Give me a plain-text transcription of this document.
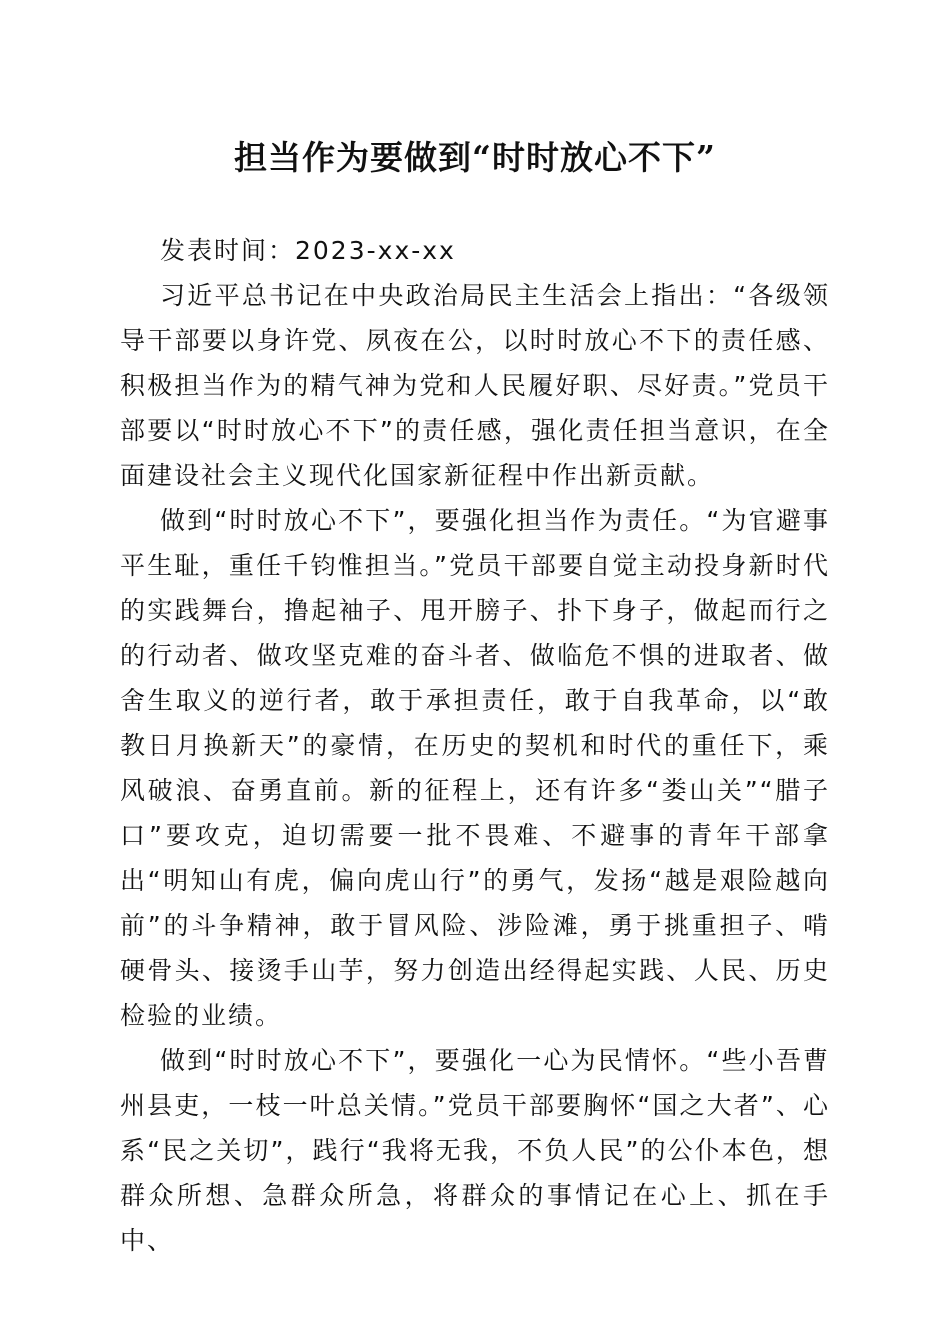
担当作为要做到“时时放心不下”

发表时间：2023-xx-xx

习近平总书记在中央政治局民主生活会上指出：“各级领导干部要以身许党、夙夜在公，以时时放心不下的责任感、积极担当作为的精气神为党和人民履好职、尽好责。”党员干部要以“时时放心不下”的责任感，强化责任担当意识，在全面建设社会主义现代化国家新征程中作出新贡献。

做到“时时放心不下”，要强化担当作为责任。“为官避事平生耻，重任千钧惟担当。”党员干部要自觉主动投身新时代的实践舞台，撸起袖子、甩开膀子、扑下身子，做起而行之的行动者、做攻坚克难的奋斗者、做临危不惧的进取者、做舍生取义的逆行者，敢于承担责任，敢于自我革命，以“敢教日月换新天”的豪情，在历史的契机和时代的重任下，乘风破浪、奋勇直前。新的征程上，还有许多“娄山关”“腊子口”要攻克，迫切需要一批不畏难、不避事的青年干部拿出“明知山有虎，偏向虎山行”的勇气，发扬“越是艰险越向前”的斗争精神，敢于冒风险、涉险滩，勇于挑重担子、啃硬骨头、接烫手山芋，努力创造出经得起实践、人民、历史检验的业绩。

做到“时时放心不下”，要强化一心为民情怀。“些小吾曹州县吏，一枝一叶总关情。”党员干部要胸怀“国之大者”、心系“民之关切”，践行“我将无我，不负人民”的公仆本色，想群众所想、急群众所急，将群众的事情记在心上、抓在手中、
